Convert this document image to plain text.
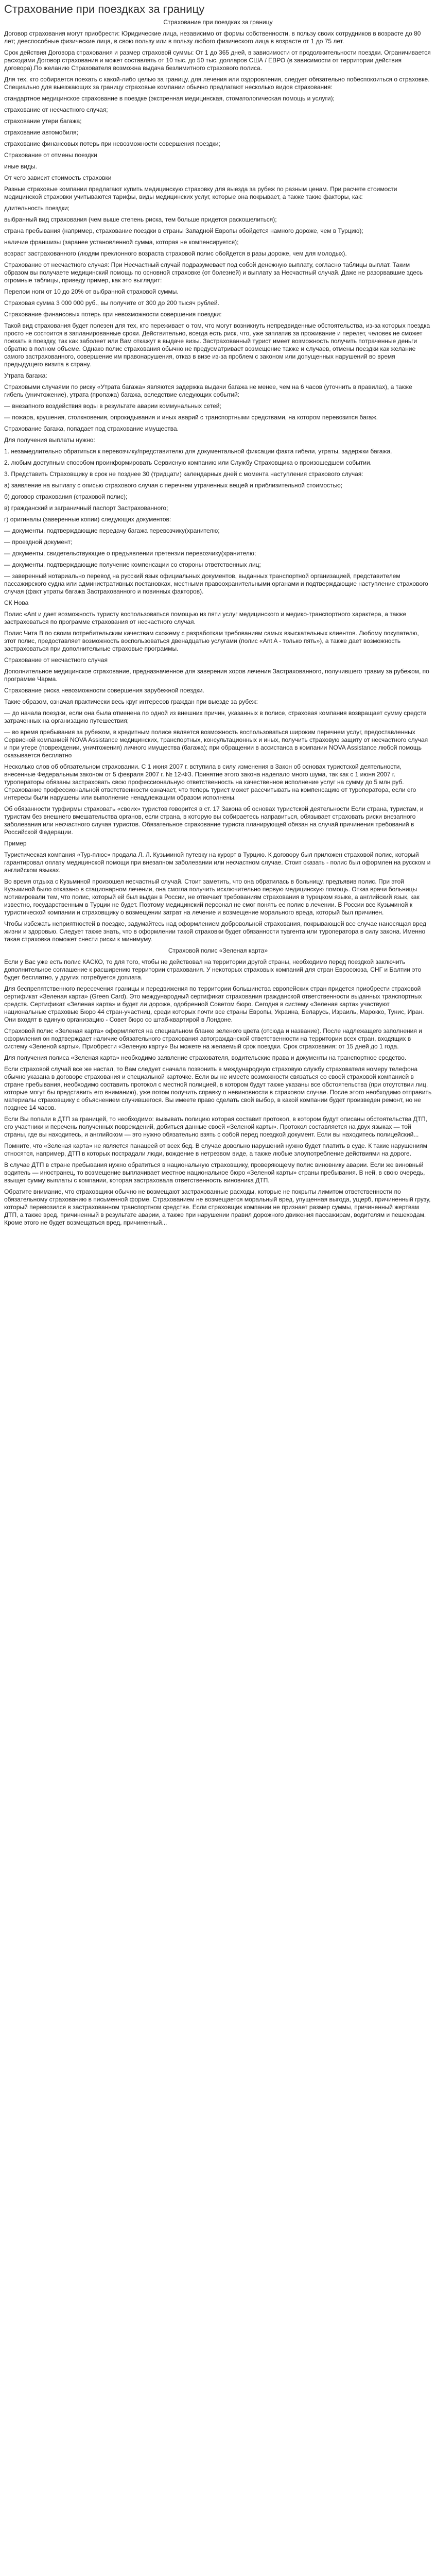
Страхование при поездках за границу

Страхование при поездках за границу

Договор страхования могут приобрести: Юридические лица, независимо от формы собственности, в пользу своих сотрудников в возрасте до 80 лет; дееспособные физические лица, в свою пользу или в пользу любого физического лица в возрасте от 1 до 75 лет.

Срок действия Договора страхования и размер страховой суммы: От 1 до 365 дней, в зависимости от продолжительности поездки. Ограничивается расходами Договор страхования и может составлять от 10 тыс. до 50 тыс. долларов США / ЕВРО (в зависимости от территории действия договора).По желанию Страхователя возможна выдача безлимитного страхового полиса.

Для тех, кто собирается поехать с какой-либо целью за границу, для лечения или оздоровления, следует обязательно побеспокоиться о страховке. Специально для выезжающих за границу страховые компании обычно предлагают несколько видов страхования:

стандартное медицинское страхование в поездке (экстренная медицинская, стоматологическая помощь и услуги);

страхование от несчастного случая;

страхование утери багажа;

страхование автомобиля;

страхование финансовых потерь при невозможности совершения поездки;

Страхование от отмены поездки

иные виды.

От чего зависит стоимость страховки

Разные страховые компании предлагают купить медицинскую страховку для выезда за рубеж по разным ценам. При расчете стоимости медицинской страховки учитываются тарифы, виды медицинских услуг, которые она покрывает, а также такие факторы, как:

длительность поездки;

выбранный вид страхования (чем выше степень риска, тем больше придется раскошелиться);

страна пребывания (например, страхование поездки в страны Западной Европы обойдется намного дороже, чем в Турцию);

наличие франшизы (заранее установленной сумма, которая не компенсируется);

возраст застрахованного (людям преклонного возраста страховой полис обойдется в разы дороже, чем для молодых).

Страхование от несчастного случая: При Несчастный случай подразумевает под собой денежную выплату, согласно таблицы выплат. Таким образом вы получаете медицинский помощь по основной страховке (от болезней) и выплату за Несчастный случай. Даже не разорвавшие здесь огромные таблицы, приведу пример, как это выглядит:

Перелом ноги от 10 до 20% от выбранной страховой суммы.

Страховая сумма 3 000 000 руб., вы получите от 300 до 200 тысяч рублей.

Страхование финансовых потерь при невозможности совершения поездки:

Такой вид страхования будет полезен для тех, кто переживает о том, что могут возникнуть непредвиденные обстоятельства, из-за которых поездка просто не состоится в запланированные сроки. Действительно, всегда есть риск, что, уже заплатив за проживание и перелет, человек не сможет поехать в поездку, так как заболеет или Вам откажут в выдаче визы. Застрахованный турист имеет возможность получить потраченные деньги обратно в полном объеме. Однако полис страхования обычно не предусматривает возмещение также и случаев, отмены поездки как желание самого застрахованного, совершение им правонарушения, отказ в визе из-за проблем с законом или допущенных нарушений во время предыдущего визита в страну.

Утрата багажа:

Страховыми случаями по риску «Утрата багажа» являются задержка выдачи багажа не менее, чем на 6 часов (уточнить в правилах), а также гибель (уничтожение), утрата (пропажа) багажа, вследствие следующих событий:

— внезапного воздействия воды в результате аварии коммунальных сетей;

— пожара, крушения, столкновения, опрокидывания и иных аварий с транспортными средствами, на котором перевозится багаж.

Страхование багажа, попадает под страхование имущества.

Для получения выплаты нужно:

1. незамедлительно обратиться к перевозчику/представителю для документальной фиксации факта гибели, утраты, задержки багажа.

2. любым доступным способом проинформировать Сервисную компанию или Службу Страховщика о произошедшем событии.

3. Представить Страховщику в срок не позднее 30 (тридцати) календарных дней с момента наступления страхового случая:

а) заявление на выплату с описью страхового случая с перечнем утраченных вещей и приблизительной стоимостью;

б) договор страхования (страховой полис);

в) гражданский и заграничный паспорт Застрахованного;

г) оригиналы (заверенные копии) следующих документов:

— документы, подтверждающие передачу багажа перевозчику(хранителю;

— проездной документ;

— документы, свидетельствующие о предъявлении претензии перевозчику(хранителю;

— документы, подтверждающие получение компенсации со стороны ответственных лиц;

— заверенный нотариально перевод на русский язык официальных документов, выданных транспортной организацией, представителем пассажирского судна или административных постановках, местными правоохранительными органами и подтверждающие наступление страхового случая (факт утраты багажа Застрахованного и повинных факторов).

СК Нова

Полис «Ant и дает возможность туристу воспользоваться помощью из пяти услуг медицинского и медико-транспортного характера, а также застраховаться по программе страхования от несчастного случая.

Полис Чита В по своим потребительским качествам схожему с разработкам требованиям самых взыскательных клиентов. Любому покупателю, этот полис, предоставляет возможность воспользоваться двенадцатью услугами (полис «Ant A - только пять»), а также дает возможность застраховаться при дополнительные страховые программы.

Страхование от несчастного случая

Дополнительное медицинское страхование, предназначенное для заверения хоров лечения Застрахованного, получившего травму за рубежом, по программе Чарма.

Страхование риска невозможности совершения зарубежной поездки.

Такие образом, означая практически весь круг интересов граждан при выезде за рубеж:

— до начала поездки, если она была отменена по одной из внешних причин, указанных в полисе, страховая компания возвращает сумму средств затраченных на организацию путешествия;

— во время пребывания за рубежом, в кредитным полисе является возможность воспользоваться широким перечнем услуг, предоставленных Сервисной компанией NOVA Assistance медицинских, транспортных, консультационных и иных, получить страховую защиту от несчастного случая и при утере (повреждении, уничтожения) личного имущества (багажа); при обращении в ассистанса в компании NOVA Assistance любой помощь оказывается бесплатно

Несколько слов об обязательном страховании. С 1 июня 2007 г. вступила в силу изменения в Закон об основах туристской деятельности, внесенные Федеральным законом от 5 февраля 2007 г. № 12-ФЗ. Принятие этого закона наделало много шума, так как с 1 июня 2007 г. туроператоры обязаны застраховать свою профессиональную ответственность на качественное исполнение услуг на сумму до 5 млн руб. Страхование профессиональной ответственности означает, что теперь турист может рассчитывать на компенсацию от туроператора, если его интересы были нарушены или выполнение ненадлежащим образом исполнены.

Об обязанности турфирмы страховать «своих» туристов говорится в ст. 17 Закона об основах туристской деятельности Если страна, туристам, и туристам без внешнего вмешательства органов, если страна, в которую вы собираетесь направиться, обязывает страховать риски внезапного заболевания или несчастного случая туристов. Обязательное страхование туриста планирующей обязан на случай причинения требований в Российской Федерации.

Пример

Туристическая компания «Тур-плюс» продала Л. Л. Кузьминой путевку на курорт в Турцию. К договору был приложен страховой полис, который гарантировал оплату медицинской помощи при внезапном заболевании или несчастном случае. Стоит сказать - полис был оформлен на русском и английском языках.

Во время отдыха с Кузьминой произошел несчастный случай. Стоит заметить, что она обратилась в больницу, предъявив полис. При этой Кузьминой было отказано в стационарном лечении, она смогла получить исключительно первую медицинскую помощь. Отказ врачи больницы мотивировали тем, что полис, который ей был выдан в России, не отвечает требованиям страхования в турецком языке, а английский язык, как известно, государственным в Турции не будет. Поэтому медицинский персонал не смог понять ее полис в лечении. В России все Кузьминой к туристической компании и страховщику о возмещении затрат на лечение и возмещение морального вреда, который был причинен.

Чтобы избежать неприятностей в поездке, задумайтесь над оформлением добровольной страхования, покрывающей все случае наносящая вред жизни и здоровью. Следует также знать, что в оформлении такой страховки будет обязанности туагента или туроператора в силу закона. Именно такая страховка поможет снести риски к минимуму.

Страховой полис «Зеленая карта»

Если у Вас уже есть полис КАСКО, то для того, чтобы не действовал на территории другой страны, необходимо перед поездкой заключить дополнительное соглашение к расширению территории страхования. У некоторых страховых компаний для стран Евросоюза, СНГ и Балтии это будет бесплатно, у других потребуется доплата.

Для беспрепятственного пересечения границы и передвижения по территории большинства европейских стран придется приобрести страховой сертификат «Зеленая карта» (Green Card). Это международный сертификат страхования гражданской ответственности выданных транспортных средств. Сертификат «Зеленая карта» и будет ли дороже, одобренной Советом бюро. Сегодня в систему «Зеленая карта» участвуют национальные страховые Бюро 44 стран-участниц, среди которых почти все страны Европы, Украина, Беларусь, Израиль, Марокко, Тунис, Иран. Они входят в единую организацию - Совет бюро со штаб-квартирой в Лондоне.

Страховой полис «Зеленая карта» оформляется на специальном бланке зеленого цвета (отсюда и название). После надлежащего заполнения и оформления он подтверждает наличие обязательного страхования автогражданской ответственности на территории всех стран, входящих в систему «Зеленой карты». Приобрести «Зеленую карту» Вы можете на желаемый срок поездки. Срок страхования: от 15 дней до 1 года.

Для получения полиса «Зеленая карта» необходимо заявление страхователя, водительские права и документы на транспортное средство.

Если страховой случай все же настал, то Вам следует сначала позвонить в международную страховую службу страхователя номеру телефона обычно указана в договоре страхования и специальной карточке. Если вы не имеете возможности связаться со своей страховой компанией в стране пребывания, необходимо составить протокол с местной полицией, в котором будут также указаны все обстоятельства (при отсутствии лиц, которые могут бы представить его вниманию), уже потом получить справку о невиновности в страховом случае. После этого необходимо отправить материалы страховщику с объяснением случившегося. Вы имеете право сделать свой выбор, в какой компании будет произведен ремонт, но не позднее 14 часов.

Если Вы попали в ДТП за границей, то необходимо: вызывать полицию которая составит протокол, в котором будут описаны обстоятельства ДТП, его участники и перечень полученных повреждений, добиться данные своей «Зеленой карты». Протокол составляется на двух языках — той страны, где вы находитесь, и английском — это нужно обязательно взять с собой перед поездкой документ. Если вы находитесь полицейский...

Помните, что «Зеленая карта» не является панацеей от всех бед. В случае довольно нарушений нужно будет платить в суде. К такие нарушениям относятся, например, ДТП в которых пострадали люди, вождение в нетрезвом виде, а также любые злоупотребление действиями на дороге.

В случае ДТП в стране пребывания нужно обратиться в национальную страховщику, проверяющему полис виновнику аварии. Если же виновный водитель — иностранец, то возмещение выплачивает местное национальное бюро «Зеленой карты» страны пребывания. В ней, в свою очередь, взыщет сумму выплаты с компании, которая застраховала ответственность виновника ДТП.

Обратите внимание, что страховщики обычно не возмещают застрахованные расходы, которые не покрыты лимитом ответственности по обязательному страхованию в письменной форме. Страхованием не возмещается моральный вред, упущенная выгода, ущерб, причиненный грузу, который перевозился в застрахованном транспортном средстве. Если страховщик компании не признает размер суммы, причиненный жертвам ДТП, а также вред, причиненный в результате аварии, а также при нарушении правил дорожного движения пассажирам, водителям и пешеходам. Кроме этого не будет возмещаться вред, причиненный...
